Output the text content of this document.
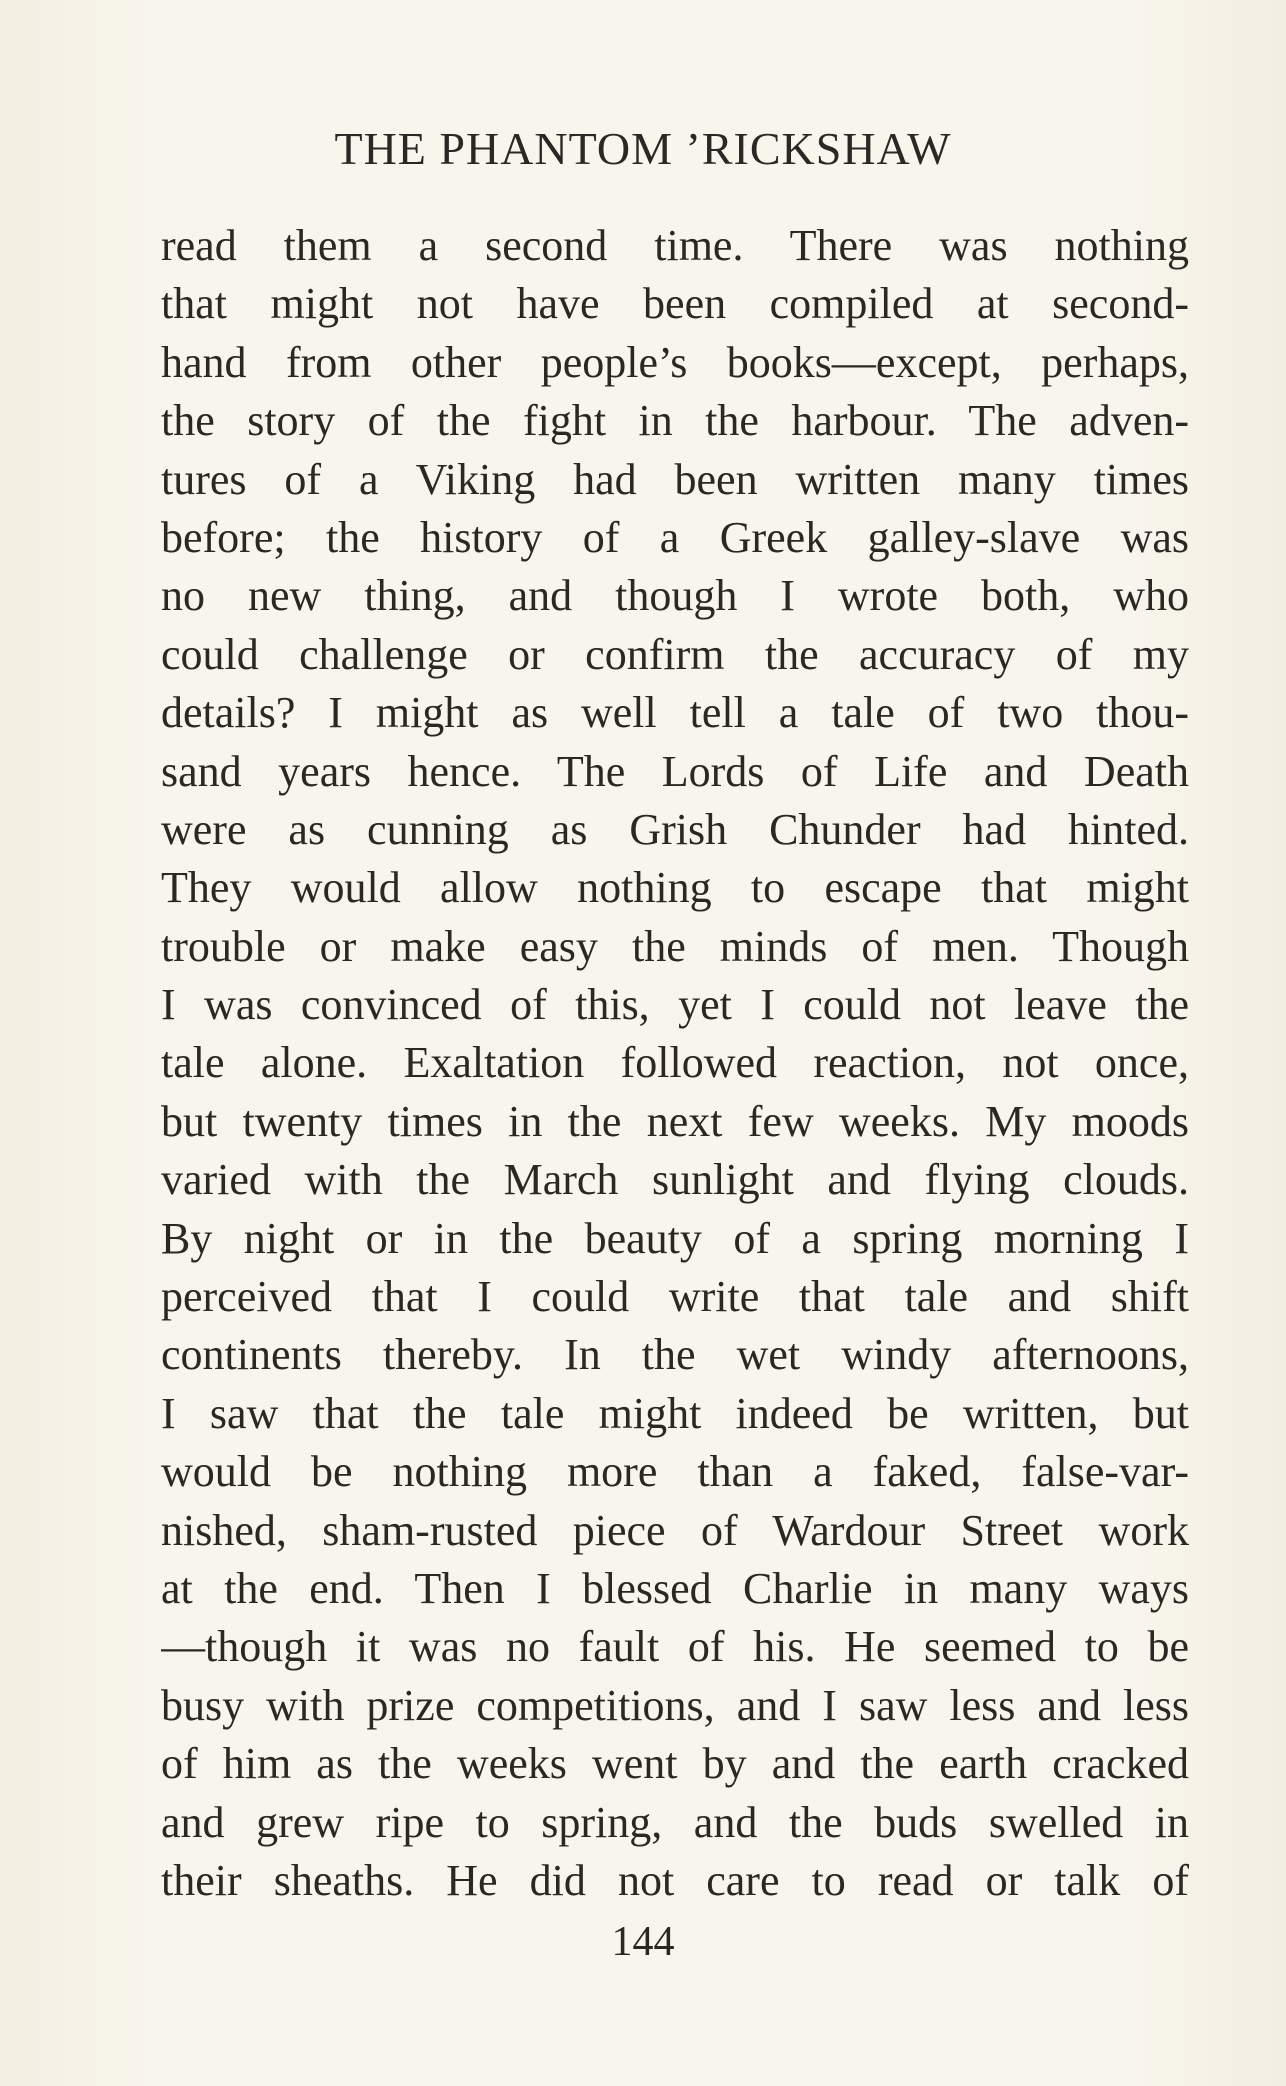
THE PHANTOM ’RICKSHAW
read them a second time. There was nothing
that might not have been compiled at second-
hand from other people’s books—except, perhaps,
the story of the fight in the harbour. The adven-
tures of a Viking had been written many times
before; the history of a Greek galley-slave was
no new thing, and though I wrote both, who
could challenge or confirm the accuracy of my
details? I might as well tell a tale of two thou-
sand years hence. The Lords of Life and Death
were as cunning as Grish Chunder had hinted.
They would allow nothing to escape that might
trouble or make easy the minds of men. Though
I was convinced of this, yet I could not leave the
tale alone. Exaltation followed reaction, not once,
but twenty times in the next few weeks. My moods
varied with the March sunlight and flying clouds.
By night or in the beauty of a spring morning I
perceived that I could write that tale and shift
continents thereby. In the wet windy afternoons,
I saw that the tale might indeed be written, but
would be nothing more than a faked, false-var-
nished, sham-rusted piece of Wardour Street work
at the end. Then I blessed Charlie in many ways
—though it was no fault of his. He seemed to be
busy with prize competitions, and I saw less and less
of him as the weeks went by and the earth cracked
and grew ripe to spring, and the buds swelled in
their sheaths. He did not care to read or talk of
144
